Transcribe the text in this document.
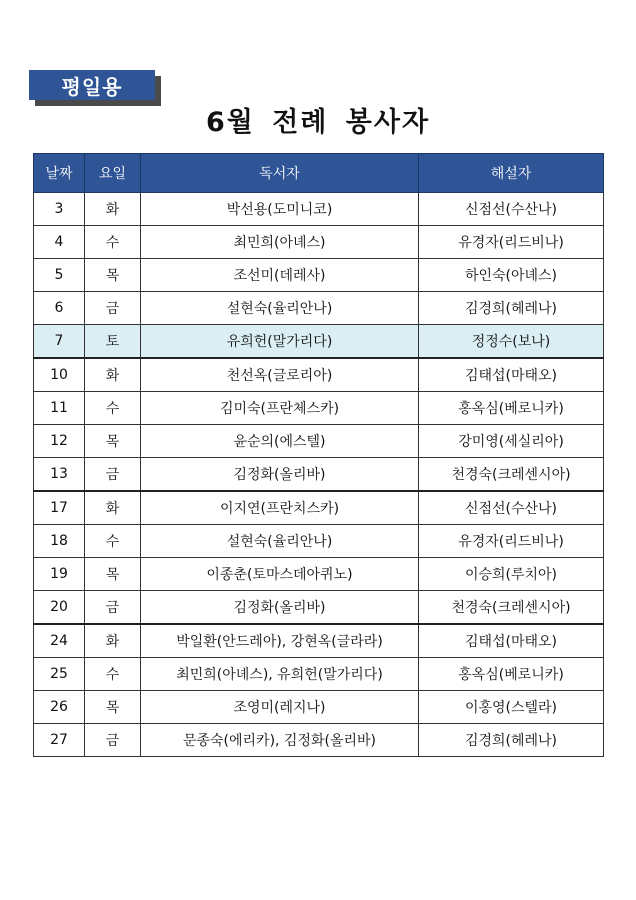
평일용
6월 전례 봉사자
날짜	요일	독서자	해설자
3	화	박선용(도미니코)	신점선(수산나)
4	수	최민희(아녜스)	유경자(리드비나)
5	목	조선미(데레사)	하인숙(아녜스)
6	금	설현숙(율리안나)	김경희(헤레나)
7	토	유희헌(말가리다)	정정수(보나)
10	화	천선옥(글로리아)	김태섭(마태오)
11	수	김미숙(프란체스카)	홍옥심(베로니카)
12	목	윤순의(에스텔)	강미영(세실리아)
13	금	김정화(올리바)	천경숙(크레센시아)
17	화	이지연(프란치스카)	신점선(수산나)
18	수	설현숙(율리안나)	유경자(리드비나)
19	목	이종춘(토마스데아퀴노)	이승희(루치아)
20	금	김정화(올리바)	천경숙(크레센시아)
24	화	박일환(안드레아), 강현옥(글라라)	김태섭(마태오)
25	수	최민희(아녜스), 유희헌(말가리다)	홍옥심(베로니카)
26	목	조영미(레지나)	이홍영(스텔라)
27	금	문종숙(에리카), 김정화(올리바)	김경희(헤레나)
